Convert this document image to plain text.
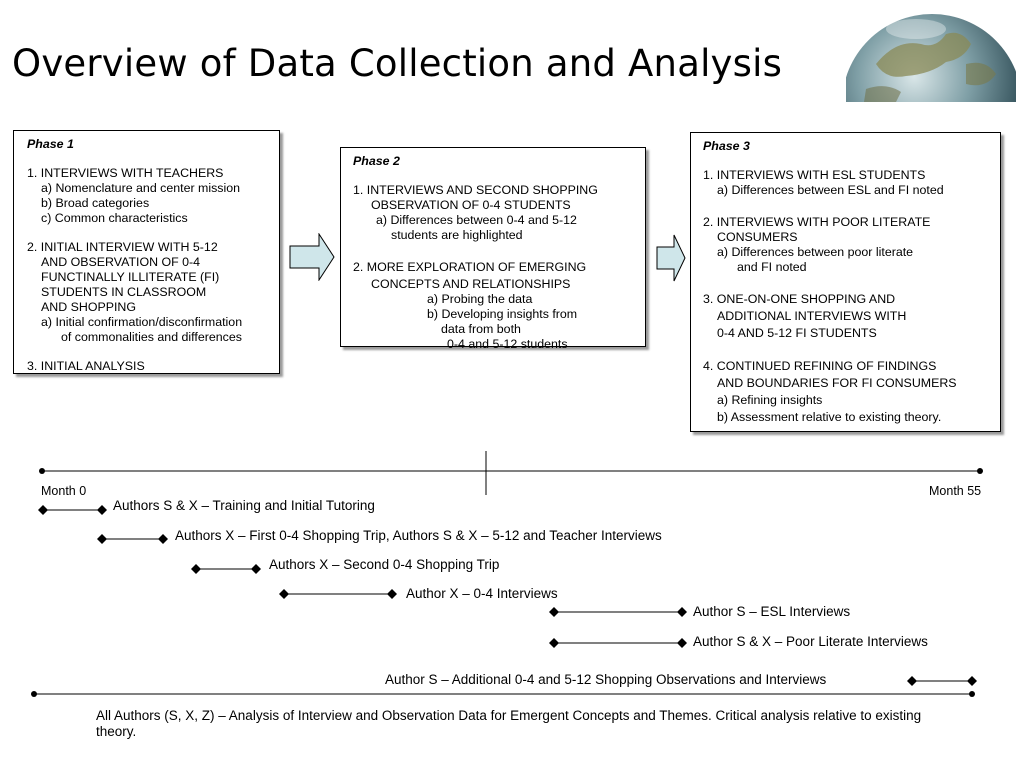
Overview of Data Collection and Analysis
Phase 1
1. INTERVIEWS WITH TEACHERS
a) Nomenclature and center mission
b) Broad categories
c) Common characteristics
2. INITIAL INTERVIEW WITH 5-12
AND OBSERVATION OF 0-4
FUNCTINALLY ILLITERATE (FI)
STUDENTS IN CLASSROOM
AND SHOPPING
a) Initial confirmation/disconfirmation
of commonalities and differences
3. INITIAL ANALYSIS
Phase 2
1. INTERVIEWS AND SECOND SHOPPING
OBSERVATION OF 0-4 STUDENTS
a) Differences between 0-4 and 5-12
students are highlighted
2. MORE EXPLORATION OF EMERGING
CONCEPTS AND RELATIONSHIPS
a) Probing the data
b) Developing insights from
data from both
0-4 and 5-12 students
Phase 3
1. INTERVIEWS WITH ESL STUDENTS
a) Differences between ESL and FI noted
2. INTERVIEWS WITH POOR LITERATE
CONSUMERS
a) Differences between poor literate
and FI noted
3. ONE-ON-ONE SHOPPING AND
ADDITIONAL INTERVIEWS WITH
0-4 AND 5-12 FI STUDENTS
4. CONTINUED REFINING OF FINDINGS
AND BOUNDARIES FOR FI CONSUMERS
a) Refining insights
b) Assessment relative to existing theory.
Month 0	Month 55
Authors S & X – Training and Initial Tutoring
Authors X – First 0-4 Shopping Trip, Authors S & X – 5-12 and Teacher Interviews
Authors X – Second 0-4 Shopping Trip
Author X – 0-4 Interviews
Author S – ESL Interviews
Author S & X – Poor Literate Interviews
Author S – Additional 0-4 and 5-12 Shopping Observations and Interviews
All Authors (S, X, Z) – Analysis of Interview and Observation Data for Emergent Concepts and Themes. Critical analysis relative to existing theory.
